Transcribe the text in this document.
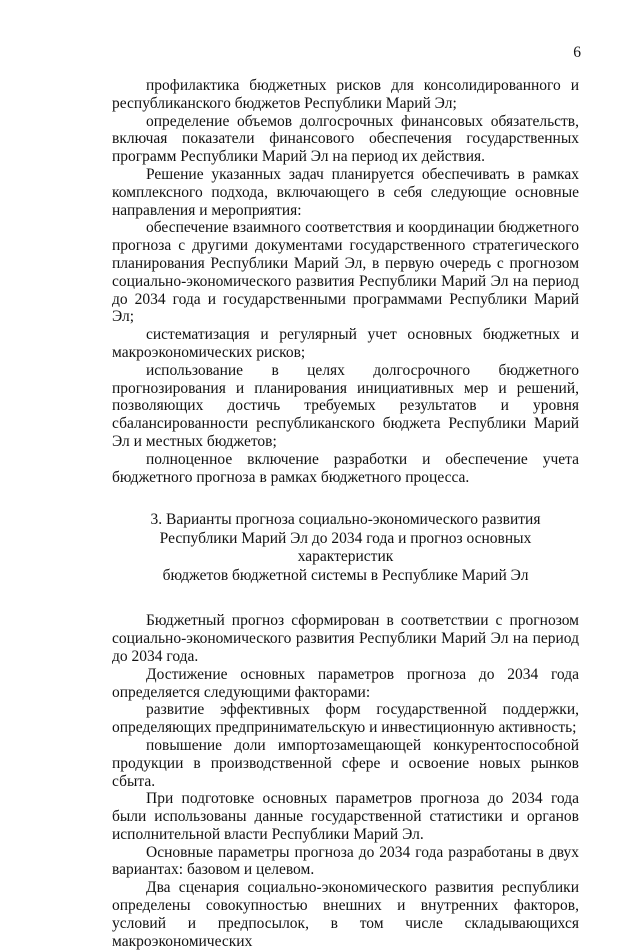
6

профилактика бюджетных рисков для консолидированного и республиканского бюджетов Республики Марий Эл;

определение объемов долгосрочных финансовых обязательств, включая показатели финансового обеспечения государственных программ Республики Марий Эл на период их действия.

Решение указанных задач планируется обеспечивать в рамках комплексного подхода, включающего в себя следующие основные направления и мероприятия:

обеспечение взаимного соответствия и координации бюджетного прогноза с другими документами государственного стратегического планирования Республики Марий Эл, в первую очередь с прогнозом социально-экономического развития Республики Марий Эл на период до 2034 года и государственными программами Республики Марий Эл;

систематизация и регулярный учет основных бюджетных и макроэкономических рисков;

использование в целях долгосрочного бюджетного прогнозирования и планирования инициативных мер и решений, позволяющих достичь требуемых результатов и уровня сбалансированности республиканского бюджета Республики Марий Эл и местных бюджетов;

полноценное включение разработки и обеспечение учета бюджетного прогноза в рамках бюджетного процесса.

3. Варианты прогноза социально-экономического развития
Республики Марий Эл до 2034 года и прогноз основных характеристик
бюджетов бюджетной системы в Республике Марий Эл

Бюджетный прогноз сформирован в соответствии с прогнозом социально-экономического развития Республики Марий Эл на период до 2034 года.

Достижение основных параметров прогноза до 2034 года определяется следующими факторами:

развитие эффективных форм государственной поддержки, определяющих предпринимательскую и инвестиционную активность;

повышение доли импортозамещающей конкурентоспособной продукции в производственной сфере и освоение новых рынков сбыта.

При подготовке основных параметров прогноза до 2034 года были использованы данные государственной статистики и органов исполнительной власти Республики Марий Эл.

Основные параметры прогноза до 2034 года разработаны в двух вариантах: базовом и целевом.

Два сценария социально-экономического развития республики определены совокупностью внешних и внутренних факторов, условий и предпосылок, в том числе складывающихся макроэкономических
